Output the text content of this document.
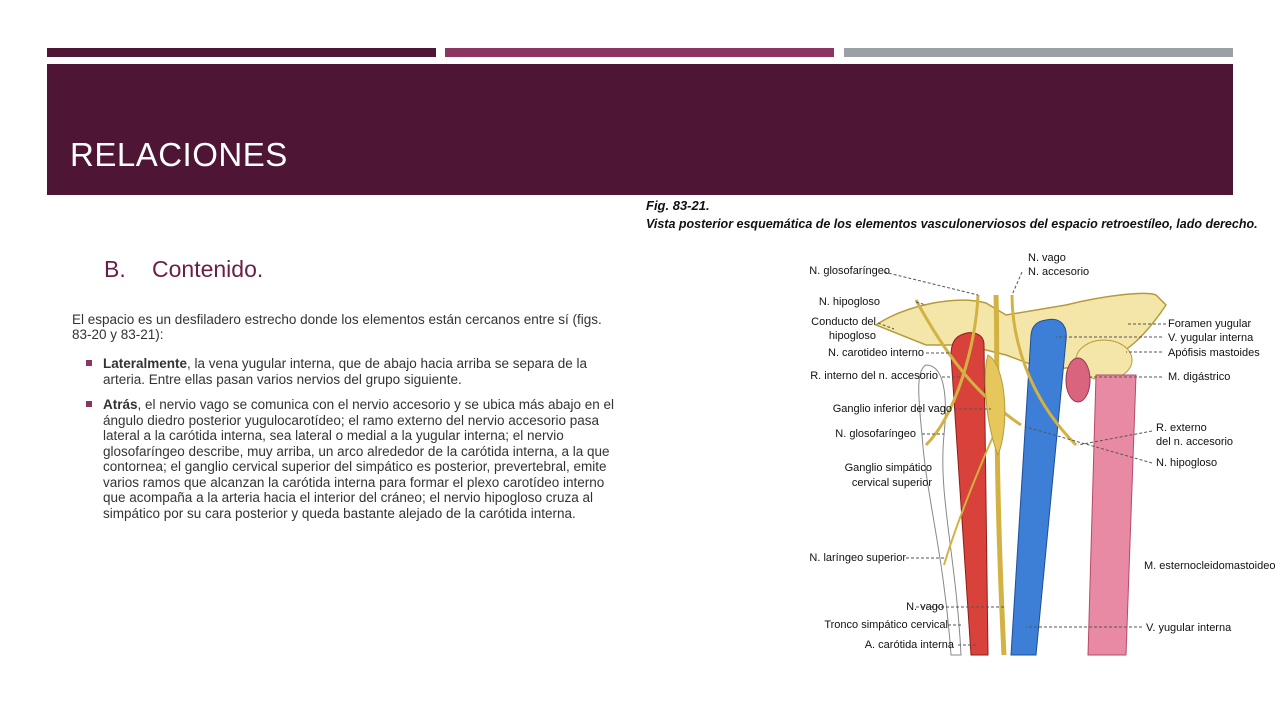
RELACIONES
B. Contenido.
El espacio es un desfiladero estrecho donde los elementos están cercanos entre sí (figs. 83-20 y 83-21):
Lateralmente, la vena yugular interna, que de abajo hacia arriba se separa de la arteria. Entre ellas pasan varios nervios del grupo siguiente.
Atrás, el nervio vago se comunica con el nervio accesorio y se ubica más abajo en el ángulo diedro posterior yugulocarotídeo; el ramo externo del nervio accesorio pasa lateral a la carótida interna, sea lateral o medial a la yugular interna; el nervio glosofaríngeo describe, muy arriba, un arco alrededor de la carótida interna, a la que contornea; el ganglio cervical superior del simpático es posterior, prevertebral, emite varios ramos que alcanzan la carótida interna para formar el plexo carotídeo interno que acompaña a la arteria hacia el interior del cráneo; el nervio hipogloso cruza al simpático por su cara posterior y queda bastante alejado de la carótida interna.
Fig. 83-21.
Vista posterior esquemática de los elementos vasculonerviosos del espacio retroestíleo, lado derecho.
N. glosofaríngeo
N. hipogloso
Conducto del
hipogloso
N. carotideo interno
R. interno del n. accesorio
Ganglio inferior del vago
N. glosofaríngeo
Ganglio simpático
cervical superior
N. laríngeo superior
N. vago
Tronco simpático cervical
A. carótida interna
N. vago
N. accesorio
Foramen yugular
V. yugular interna
Apófisis mastoides
M. digástrico
R. externo
del n. accesorio
N. hipogloso
M. esternocleidomastoideo
V. yugular interna
